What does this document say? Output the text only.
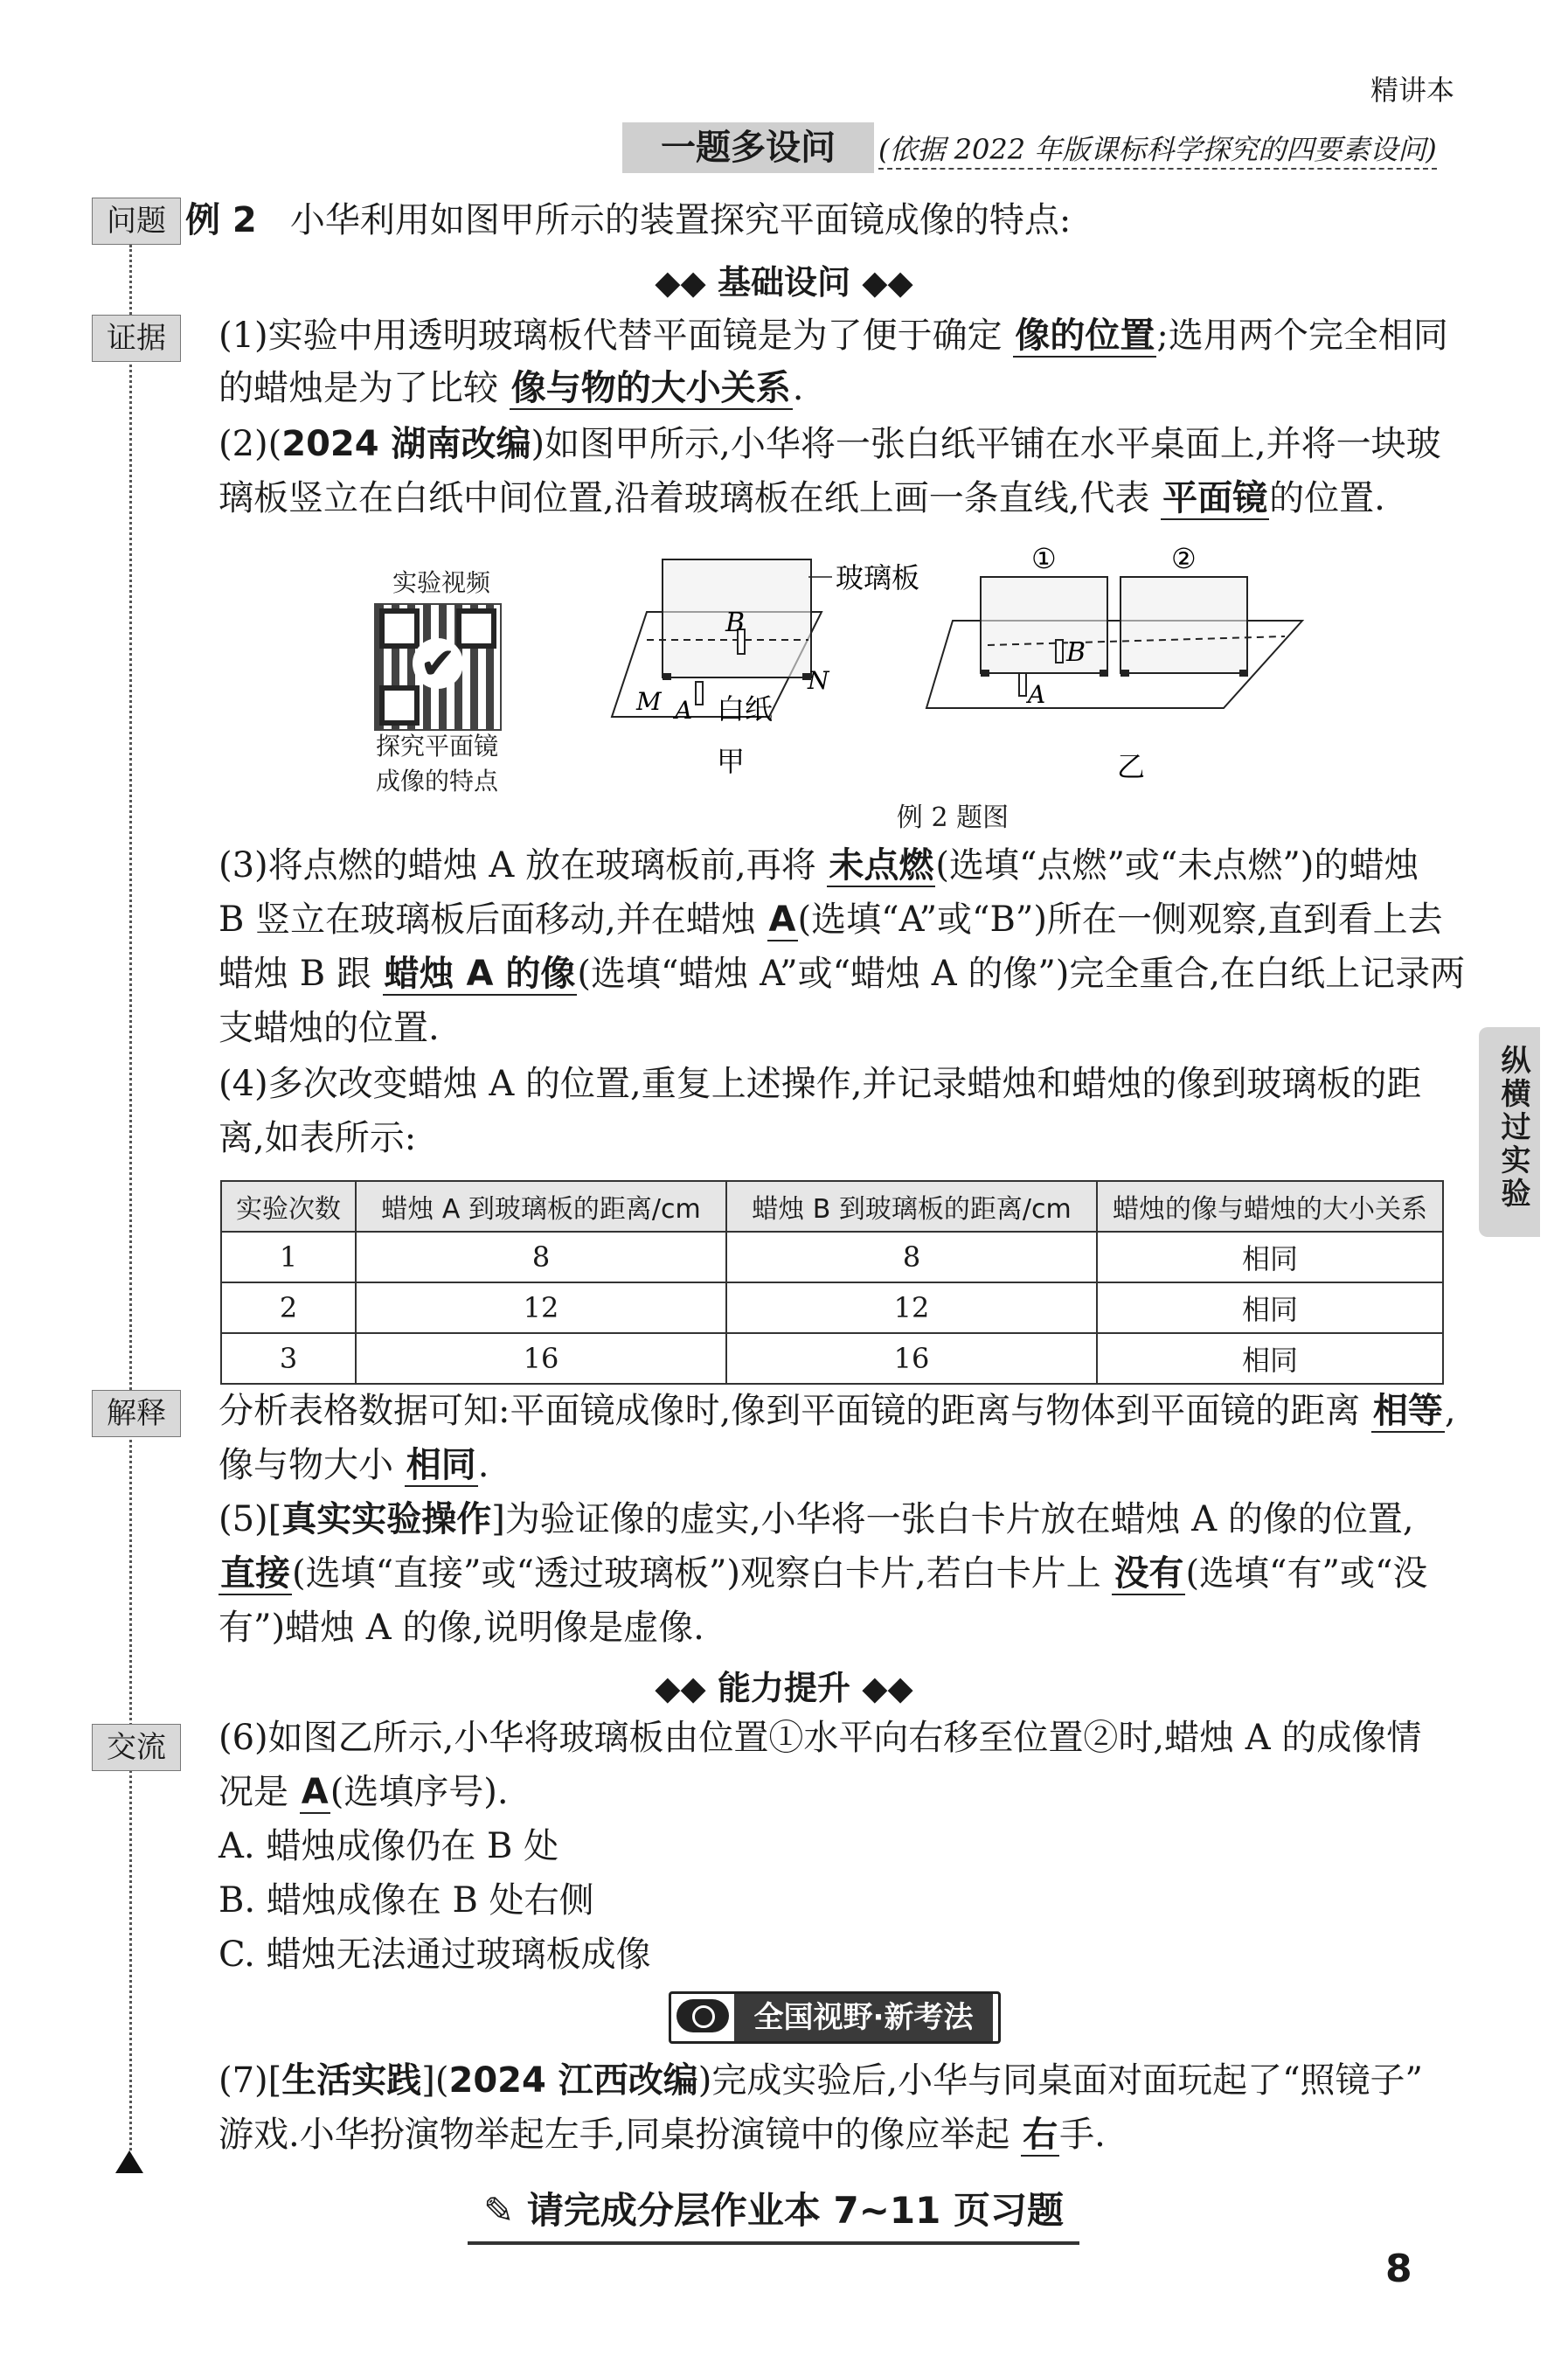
精讲本
一题多设问	(依据 2022 年版课标科学探究的四要素设问)
纵横过实验
问题
证据
解释
交流
例 2 小华利用如图甲所示的装置探究平面镜成像的特点:
◆◆ 基础设问 ◆◆
(1)实验中用透明玻璃板代替平面镜是为了便于确定 像的位置;选用两个完全相同
的蜡烛是为了比较 像与物的大小关系.
(2)(2024 湖南改编)如图甲所示,小华将一张白纸平铺在水平桌面上,并将一块玻
璃板竖立在白纸中间位置,沿着玻璃板在纸上画一条直线,代表 平面镜的位置.
实验视频
✔
探究平面镜
成像的特点
B
玻璃板
M A 白纸
N
甲
①	②
B
A
乙
例 2 题图
(3)将点燃的蜡烛 A 放在玻璃板前,再将 未点燃(选填“点燃”或“未点燃”)的蜡烛
B 竖立在玻璃板后面移动,并在蜡烛 A(选填“A”或“B”)所在一侧观察,直到看上去
蜡烛 B 跟 蜡烛 A 的像(选填“蜡烛 A”或“蜡烛 A 的像”)完全重合,在白纸上记录两
支蜡烛的位置.
(4)多次改变蜡烛 A 的位置,重复上述操作,并记录蜡烛和蜡烛的像到玻璃板的距
离,如表所示:
实验次数	蜡烛 A 到玻璃板的距离/cm	蜡烛 B 到玻璃板的距离/cm	蜡烛的像与蜡烛的大小关系
1	8	8	相同
2	12	12	相同
3	16	16	相同
分析表格数据可知:平面镜成像时,像到平面镜的距离与物体到平面镜的距离 相等,
像与物大小 相同.
(5)[真实实验操作]为验证像的虚实,小华将一张白卡片放在蜡烛 A 的像的位置,
直接(选填“直接”或“透过玻璃板”)观察白卡片,若白卡片上 没有(选填“有”或“没
有”)蜡烛 A 的像,说明像是虚像.
◆◆ 能力提升 ◆◆
(6)如图乙所示,小华将玻璃板由位置①水平向右移至位置②时,蜡烛 A 的成像情
况是 A(选填序号).
A. 蜡烛成像仍在 B 处
B. 蜡烛成像在 B 处右侧
C. 蜡烛无法通过玻璃板成像
全国视野·新考法
(7)[生活实践](2024 江西改编)完成实验后,小华与同桌面对面玩起了“照镜子”
游戏.小华扮演物举起左手,同桌扮演镜中的像应举起 右手.
✎ 请完成分层作业本 7~11 页习题
8
